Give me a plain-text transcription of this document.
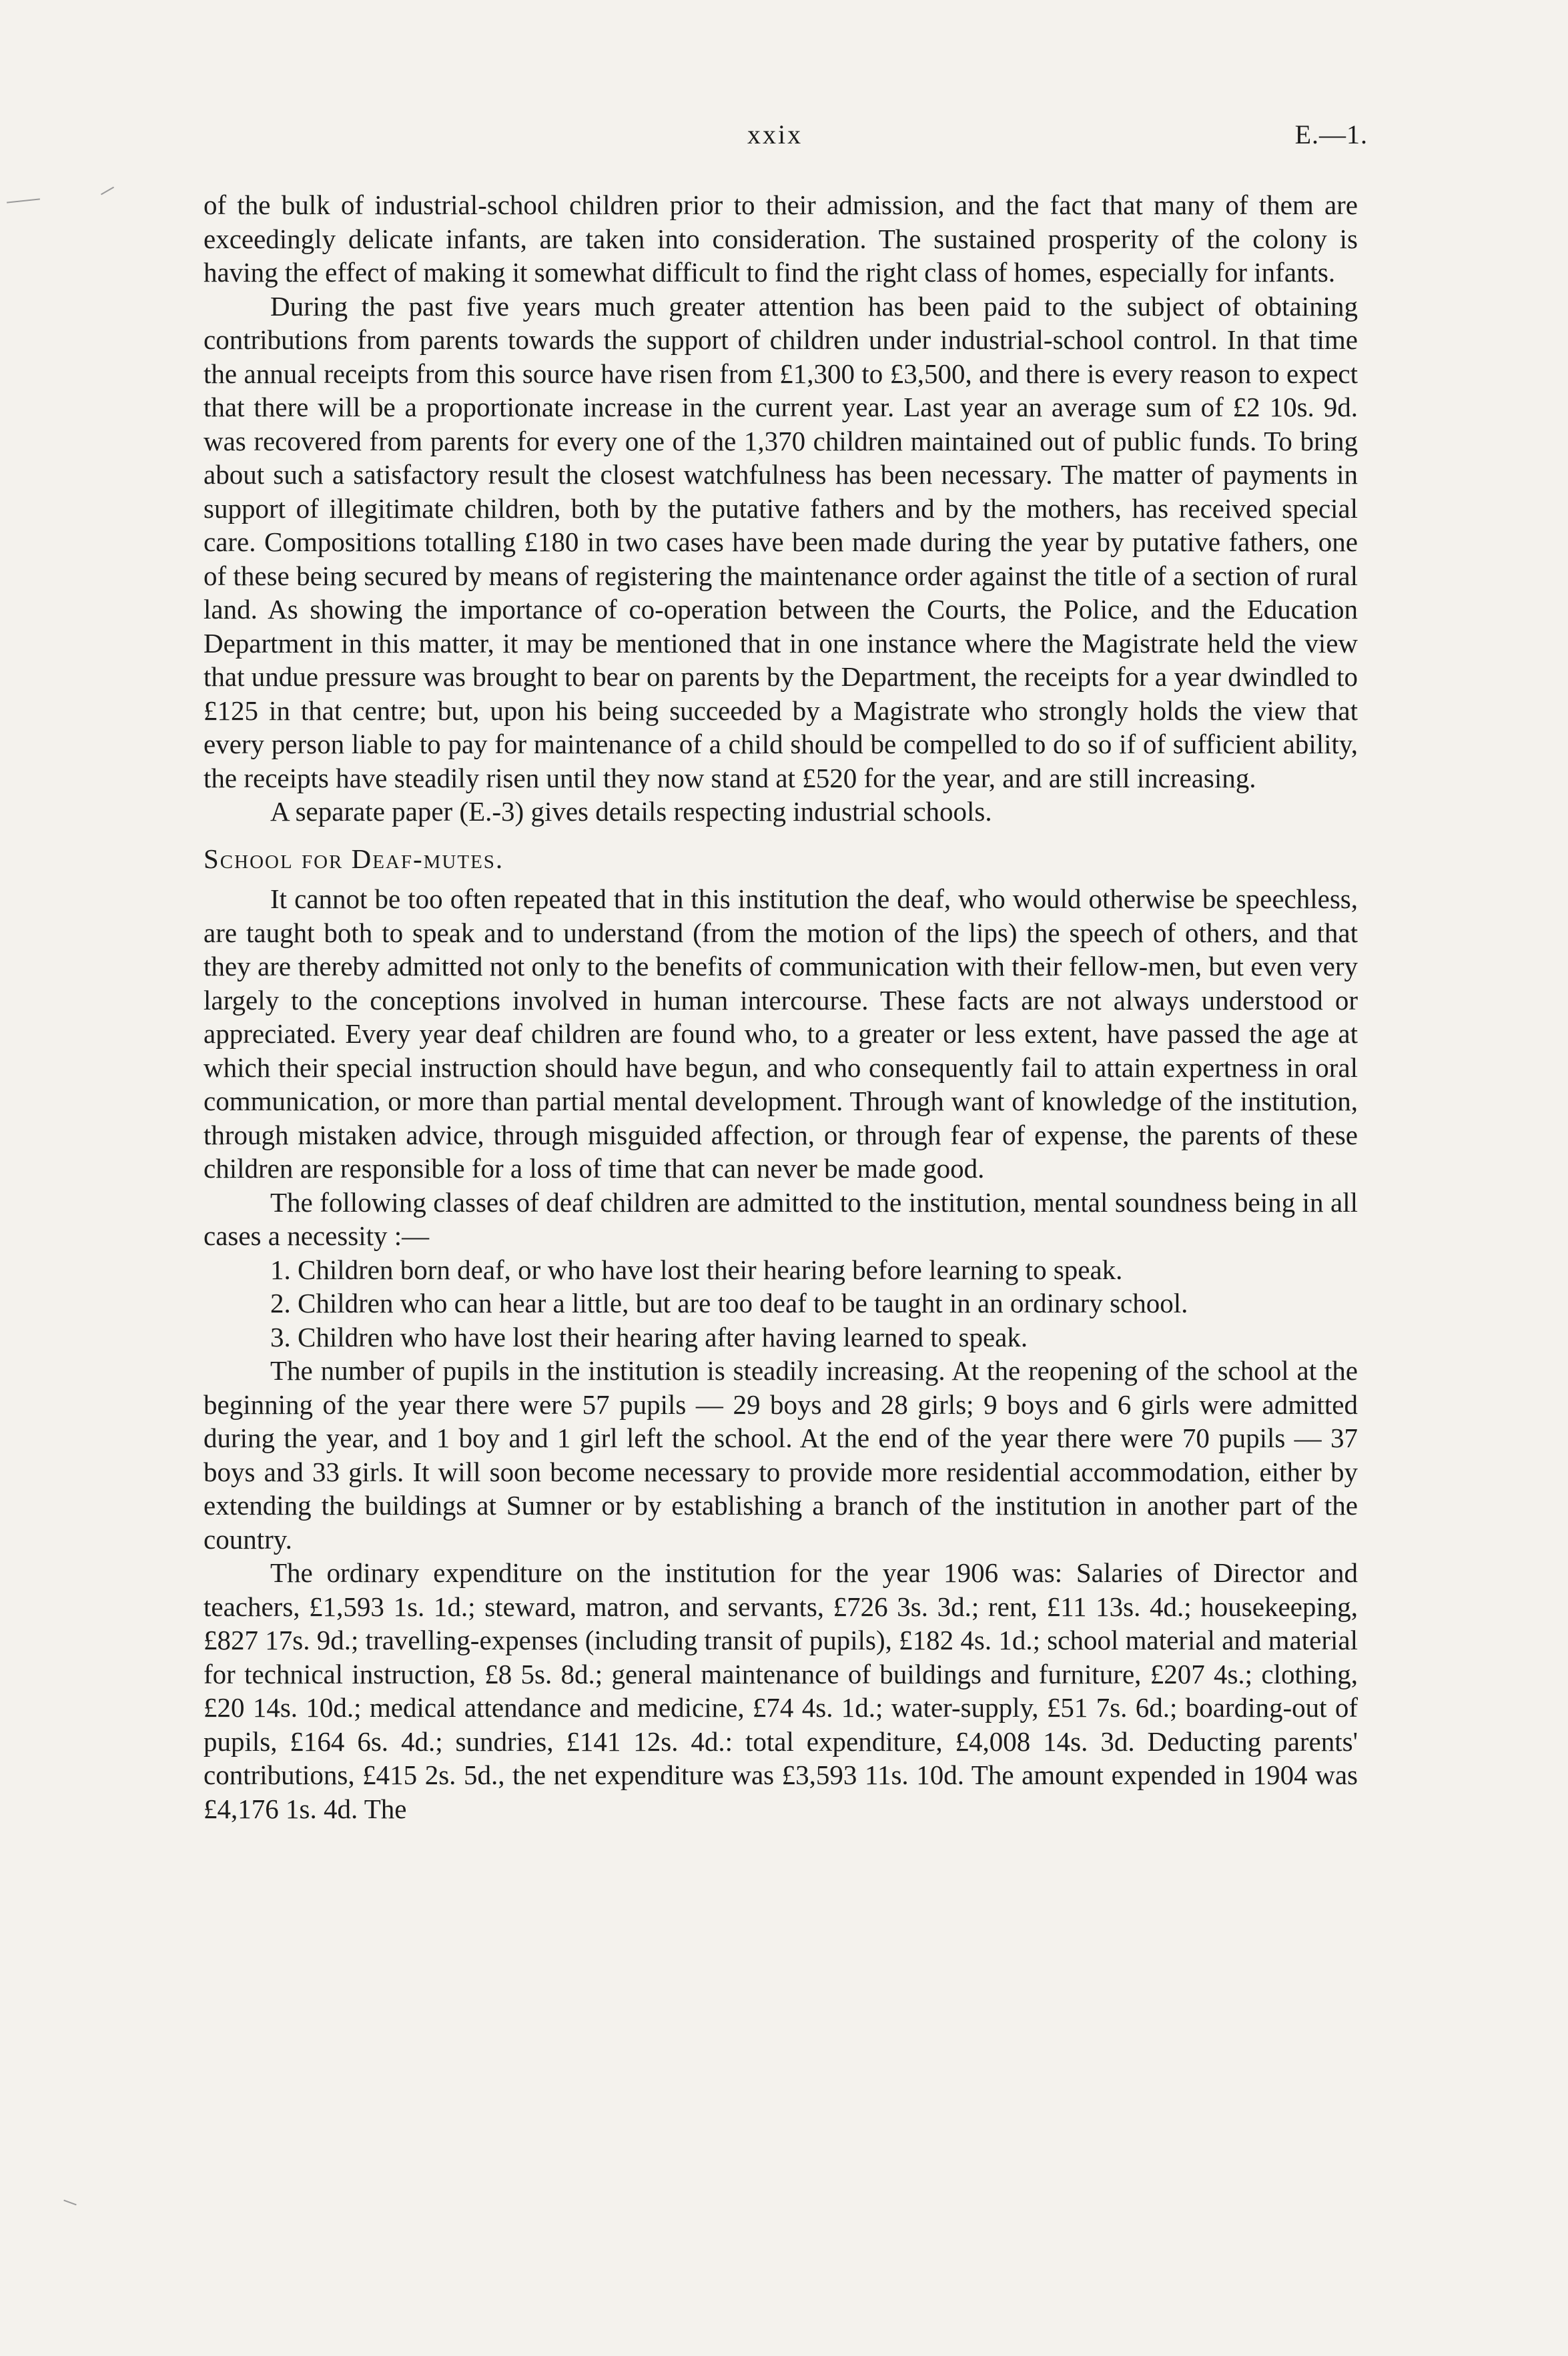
xxix	E.—1.

of the bulk of industrial-school children prior to their admission, and the fact that many of them are exceedingly delicate infants, are taken into consideration. The sustained prosperity of the colony is having the effect of making it somewhat difficult to find the right class of homes, especially for infants.

During the past five years much greater attention has been paid to the subject of obtaining contributions from parents towards the support of children under industrial-school control. In that time the annual receipts from this source have risen from £1,300 to £3,500, and there is every reason to expect that there will be a proportionate increase in the current year. Last year an average sum of £2 10s. 9d. was recovered from parents for every one of the 1,370 children maintained out of public funds. To bring about such a satisfactory result the closest watchfulness has been necessary. The matter of payments in support of illegitimate children, both by the putative fathers and by the mothers, has received special care. Compositions totalling £180 in two cases have been made during the year by putative fathers, one of these being secured by means of registering the maintenance order against the title of a section of rural land. As showing the importance of co-operation between the Courts, the Police, and the Education Department in this matter, it may be mentioned that in one instance where the Magistrate held the view that undue pressure was brought to bear on parents by the Department, the receipts for a year dwindled to £125 in that centre; but, upon his being succeeded by a Magistrate who strongly holds the view that every person liable to pay for maintenance of a child should be compelled to do so if of sufficient ability, the receipts have steadily risen until they now stand at £520 for the year, and are still increasing.

A separate paper (E.-3) gives details respecting industrial schools.

School for Deaf-mutes.

It cannot be too often repeated that in this institution the deaf, who would otherwise be speechless, are taught both to speak and to understand (from the motion of the lips) the speech of others, and that they are thereby admitted not only to the benefits of communication with their fellow-men, but even very largely to the conceptions involved in human intercourse. These facts are not always understood or appreciated. Every year deaf children are found who, to a greater or less extent, have passed the age at which their special instruction should have begun, and who consequently fail to attain expertness in oral communication, or more than partial mental development. Through want of knowledge of the institution, through mistaken advice, through misguided affection, or through fear of expense, the parents of these children are responsible for a loss of time that can never be made good.

The following classes of deaf children are admitted to the institution, mental soundness being in all cases a necessity :—

1. Children born deaf, or who have lost their hearing before learning to speak.

2. Children who can hear a little, but are too deaf to be taught in an ordinary school.

3. Children who have lost their hearing after having learned to speak.

The number of pupils in the institution is steadily increasing. At the reopening of the school at the beginning of the year there were 57 pupils — 29 boys and 28 girls; 9 boys and 6 girls were admitted during the year, and 1 boy and 1 girl left the school. At the end of the year there were 70 pupils — 37 boys and 33 girls. It will soon become necessary to provide more residential accommodation, either by extending the buildings at Sumner or by establishing a branch of the institution in another part of the country.

The ordinary expenditure on the institution for the year 1906 was: Salaries of Director and teachers, £1,593 1s. 1d.; steward, matron, and servants, £726 3s. 3d.; rent, £11 13s. 4d.; housekeeping, £827 17s. 9d.; travelling-expenses (including transit of pupils), £182 4s. 1d.; school material and material for technical instruction, £8 5s. 8d.; general maintenance of buildings and furniture, £207 4s.; clothing, £20 14s. 10d.; medical attendance and medicine, £74 4s. 1d.; water-supply, £51 7s. 6d.; boarding-out of pupils, £164 6s. 4d.; sundries, £141 12s. 4d.: total expenditure, £4,008 14s. 3d. Deducting parents' contributions, £415 2s. 5d., the net expenditure was £3,593 11s. 10d. The amount expended in 1904 was £4,176 1s. 4d. The
